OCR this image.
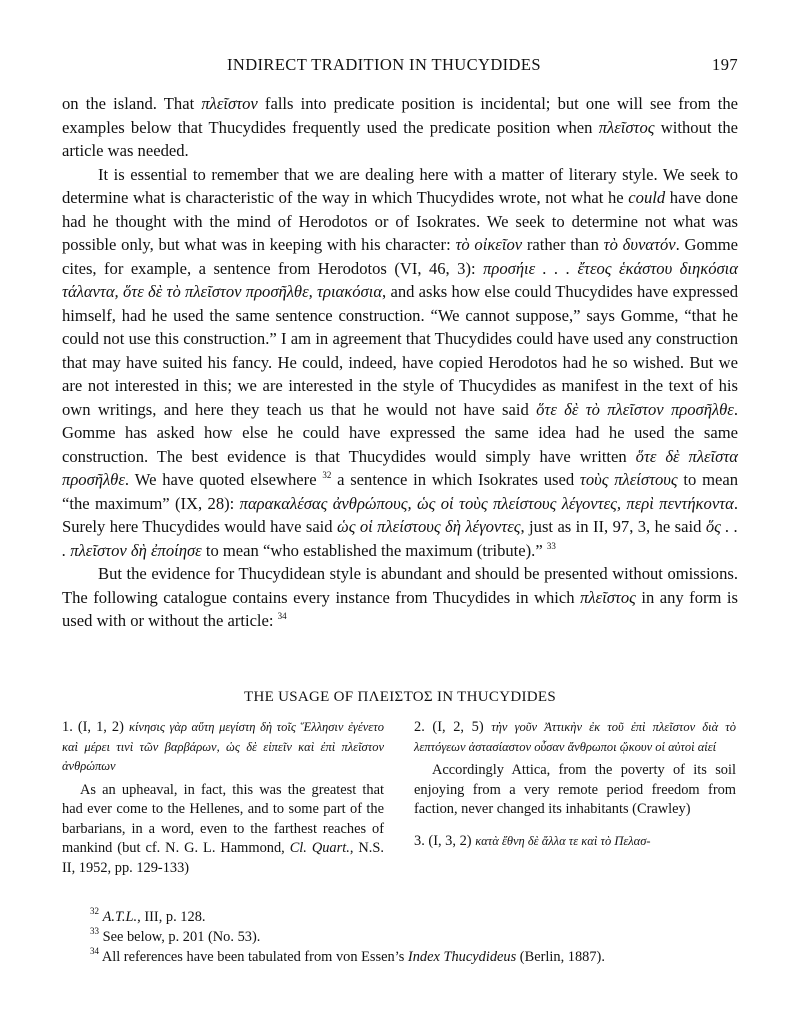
INDIRECT TRADITION IN THUCYDIDES	197

on the island. That πλεῖστον falls into predicate position is incidental; but one will see from the examples below that Thucydides frequently used the predicate position when πλεῖστος without the article was needed.

It is essential to remember that we are dealing here with a matter of literary style. We seek to determine what is characteristic of the way in which Thucydides wrote, not what he could have done had he thought with the mind of Herodotos or of Isokrates. We seek to determine not what was possible only, but what was in keeping with his character: τὸ οἰκεῖον rather than τὸ δυνατόν. Gomme cites, for example, a sentence from Herodotos (VI, 46, 3): προσήιε . . . ἔτεος ἑκάστου διηκόσια τάλαντα, ὅτε δὲ τὸ πλεῖστον προσῆλθε, τριακόσια, and asks how else could Thucydides have expressed himself, had he used the same sentence construction. “We cannot suppose,” says Gomme, “that he could not use this construction.” I am in agreement that Thucydides could have used any construction that may have suited his fancy. He could, indeed, have copied Herodotos had he so wished. But we are not interested in this; we are interested in the style of Thucydides as manifest in the text of his own writings, and here they teach us that he would not have said ὅτε δὲ τὸ πλεῖστον προσῆλθε. Gomme has asked how else he could have expressed the same idea had he used the same construction. The best evidence is that Thucydides would simply have written ὅτε δὲ πλεῖστα προσῆλθε. We have quoted elsewhere $^{32}$ a sentence in which Isokrates used τοὺς πλείστους to mean “the maximum” (IX, 28): παρακαλέσας ἀνθρώπους, ὡς οἱ τοὺς πλείστους λέγοντες, περὶ πεντήκοντα. Surely here Thucydides would have said ὡς οἱ πλείστους δὴ λέγοντες, just as in II, 97, 3, he said ὅς . . . πλεῖστον δὴ ἐποίησε to mean “who established the maximum (tribute).” $^{33}$

But the evidence for Thucydidean style is abundant and should be presented without omissions. The following catalogue contains every instance from Thucydides in which πλεῖστος in any form is used with or without the article: $^{34}$

THE USAGE OF ΠΛΕΙΣΤΟΣ IN THUCYDIDES
1. (I, 1, 2) κίνησις γὰρ αὕτη μεγίστη δὴ τοῖς Ἕλλησιν ἐγένετο καὶ μέρει τινὶ τῶν βαρβάρων, ὡς δὲ εἰπεῖν καὶ ἐπὶ πλεῖστον ἀνθρώπων
As an upheaval, in fact, this was the greatest that had ever come to the Hellenes, and to some part of the barbarians, in a word, even to the farthest reaches of mankind (but cf. N. G. L. Hammond, Cl. Quart., N.S. II, 1952, pp. 129-133)
2. (I, 2, 5) τὴν γοῦν Ἀττικὴν ἐκ τοῦ ἐπὶ πλεῖστον διὰ τὸ λεπτόγεων ἀστασίαστον οὖσαν ἄνθρωποι ᾤκουν οἱ αὐτοὶ αἰεί
Accordingly Attica, from the poverty of its soil enjoying from a very remote period freedom from faction, never changed its inhabitants (Crawley)
3. (I, 3, 2) κατὰ ἔθνη δὲ ἄλλα τε καὶ τὸ Πελασ-

$^{32}$ A.T.L., III, p. 128.

$^{33}$ See below, p. 201 (No. 53).

$^{34}$ All references have been tabulated from von Essen’s Index Thucydideus (Berlin, 1887).
